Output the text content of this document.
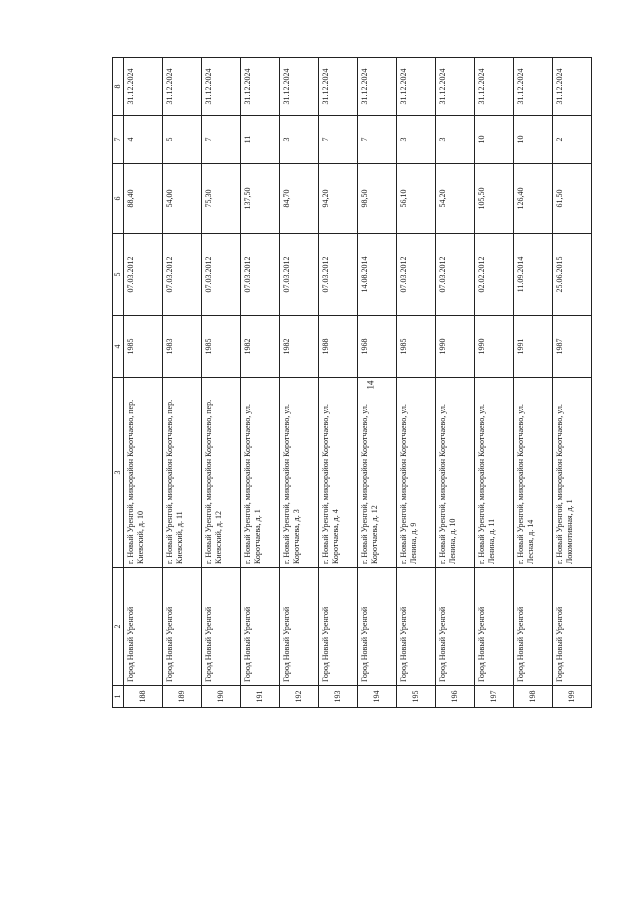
14
1	2	3	4	5	6	7	8
188	Город Новый Уренгой	г. Новый Уренгой, микрорайон Коротчаево, пер. Киевский, д. 10	1985	07.03.2012	88,40	4	31.12.2024
189	Город Новый Уренгой	г. Новый Уренгой, микрорайон Коротчаево, пер. Киевский, д. 11	1983	07.03.2012	54,00	5	31.12.2024
190	Город Новый Уренгой	г. Новый Уренгой, микрорайон Коротчаево, пер. Киевский, д. 12	1985	07.03.2012	75,30	7	31.12.2024
191	Город Новый Уренгой	г. Новый Уренгой, микрорайон Коротчаево, ул. Коротчаева, д. 1	1982	07.03.2012	137,50	11	31.12.2024
192	Город Новый Уренгой	г. Новый Уренгой, микрорайон Коротчаево, ул. Коротчаева, д. 3	1982	07.03.2012	84,70	3	31.12.2024
193	Город Новый Уренгой	г. Новый Уренгой, микрорайон Коротчаево, ул. Коротчаева, д. 4	1988	07.03.2012	94,20	7	31.12.2024
194	Город Новый Уренгой	г. Новый Уренгой, микрорайон Коротчаево, ул. Коротчаева, д. 12	1968	14.08.2014	98,50	7	31.12.2024
195	Город Новый Уренгой	г. Новый Уренгой, микрорайон Коротчаево, ул. Ленина, д. 9	1985	07.03.2012	56,10	3	31.12.2024
196	Город Новый Уренгой	г. Новый Уренгой, микрорайон Коротчаево, ул. Ленина, д. 10	1990	07.03.2012	54,20	3	31.12.2024
197	Город Новый Уренгой	г. Новый Уренгой, микрорайон Коротчаево, ул. Ленина, д. 11	1990	02.02.2012	105,50	10	31.12.2024
198	Город Новый Уренгой	г. Новый Уренгой, микрорайон Коротчаево, ул. Лесная, д. 14	1991	11.09.2014	126,40	10	31.12.2024
199	Город Новый Уренгой	г. Новый Уренгой, микрорайон Коротчаево, ул. Локомотивная, д. 1	1987	25.06.2015	61,50	2	31.12.2024
